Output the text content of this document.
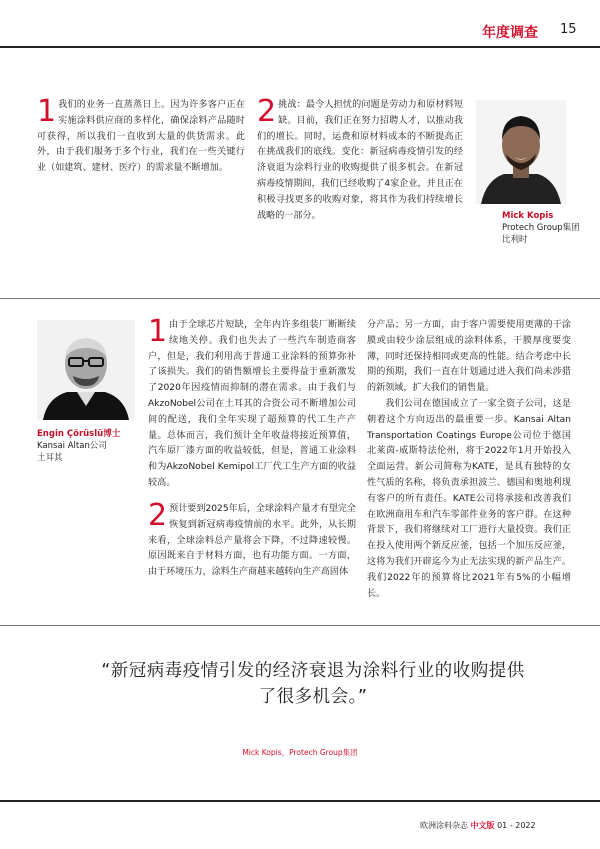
年度调查 15
1 我们的业务一直蒸蒸日上。因为许多客户正在实施涂料供应商的多样化，确保涂料产品随时可获得，所以我们一直收到大量的供货需求。此外，由于我们服务于多个行业，我们在一些关键行业（如建筑、建材、医疗）的需求量不断增加。
2 挑战：最令人担忧的问题是劳动力和原材料短缺。目前，我们正在努力招聘人才，以推动我们的增长。同时，运费和原材料成本的不断提高正在挑战我们的底线。变化：新冠病毒疫情引发的经济衰退为涂料行业的收购提供了很多机会。在新冠病毒疫情期间，我们已经收购了4家企业，并且正在积极寻找更多的收购对象，将其作为我们持续增长战略的一部分。	Mick Kopis
Protech Group集团
比利时
Engin Çörüslü博士
Kansai Altan公司
土耳其
1 由于全球芯片短缺，全年内许多组装厂断断续续地关停。我们也失去了一些汽车制造商客户，但是，我们利用高于普通工业涂料的预算弥补了该损失。我们的销售额增长主要得益于重新激发了2020年因疫情而抑制的潜在需求。由于我们与AkzoNobel公司在土耳其的合资公司不断增加公司间的配送，我们全年实现了超预算的代工生产产量。总体而言，我们预计全年收益将接近预算值，汽车原厂漆方面的收益较低，但是，普通工业涂料和为AkzoNobel Kemipol工厂代工生产方面的收益较高。
2 预计要到2025年后，全球涂料产量才有望完全恢复到新冠病毒疫情前的水平。此外，从长期来看，全球涂料总产量将会下降，不过降速较慢。原因既来自于材料方面，也有功能方面。一方面，由于环境压力，涂料生产商越来越转向生产高固体

分产品；另一方面，由于客户需要使用更薄的干涂膜或由较少涂层组成的涂料体系，干膜厚度要变薄，同时还保持相同或更高的性能。结合考虑中长期的预期，我们一直在计划通过进入我们尚未涉猎的新领域，扩大我们的销售量。

我们公司在德国成立了一家全资子公司，这是朝着这个方向迈出的最重要一步。Kansai Altan Transportation Coatings Europe公司位于德国北莱茵-威斯特法伦州，将于2022年1月开始投入全面运营。新公司简称为KATE，是具有独特的女性气质的名称，将负责承担波兰、德国和奥地利现有客户的所有责任。KATE公司将承接和改善我们在欧洲商用车和汽车零部件业务的客户群。在这种背景下，我们将继续对工厂进行大量投资。我们正在投入使用两个新反应釜，包括一个加压反应釜，这将为我们开辟迄今为止无法实现的新产品生产。我们2022年的预算将比2021年有5%的小幅增长。

“新冠病毒疫情引发的经济衰退为涂料行业的收购提供了很多机会。”
Mick Kopis，Protech Group集团
欧洲涂料杂志 中文版 01 - 2022
